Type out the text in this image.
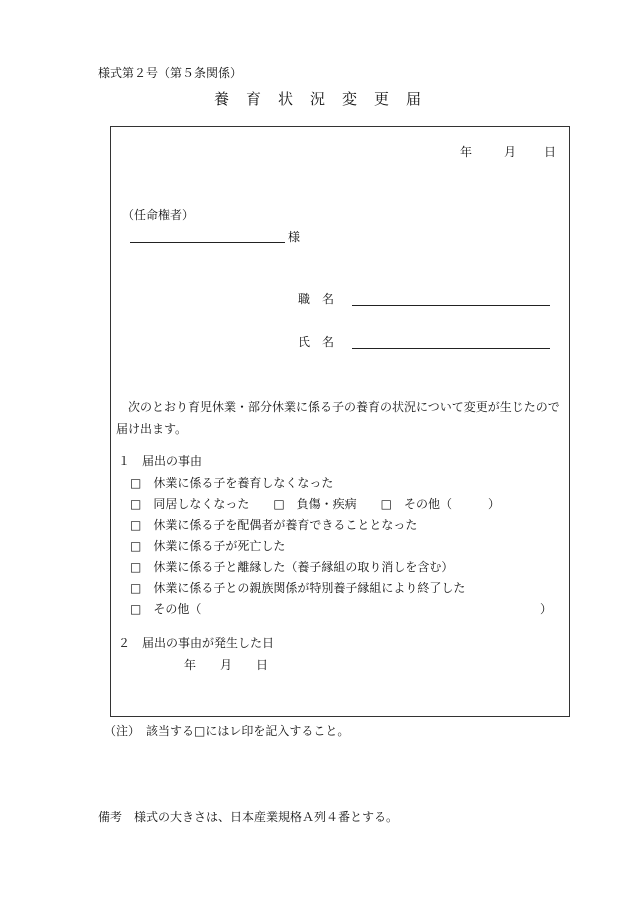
様式第２号（第５条関係）
養育状況変更届
年	月 日
（任命権者）
様
職　名
氏　名
次のとおり育児休業・部分休業に係る子の養育の状況について変更が生じたので届け出ます。
１　届出の事由
□　休業に係る子を養育しなくなった
□　同居しなくなった　　□　負傷・疾病　　□　その他（　　　）
□　休業に係る子を配偶者が養育できることとなった
□　休業に係る子が死亡した
□　休業に係る子と離縁した（養子縁組の取り消しを含む）
□　休業に係る子との親族関係が特別養子縁組により終了した
□　その他（	）
２　届出の事由が発生した日
年　　月　　日
（注）　該当する□にはレ印を記入すること。
備考　様式の大きさは、日本産業規格Ａ列４番とする。
